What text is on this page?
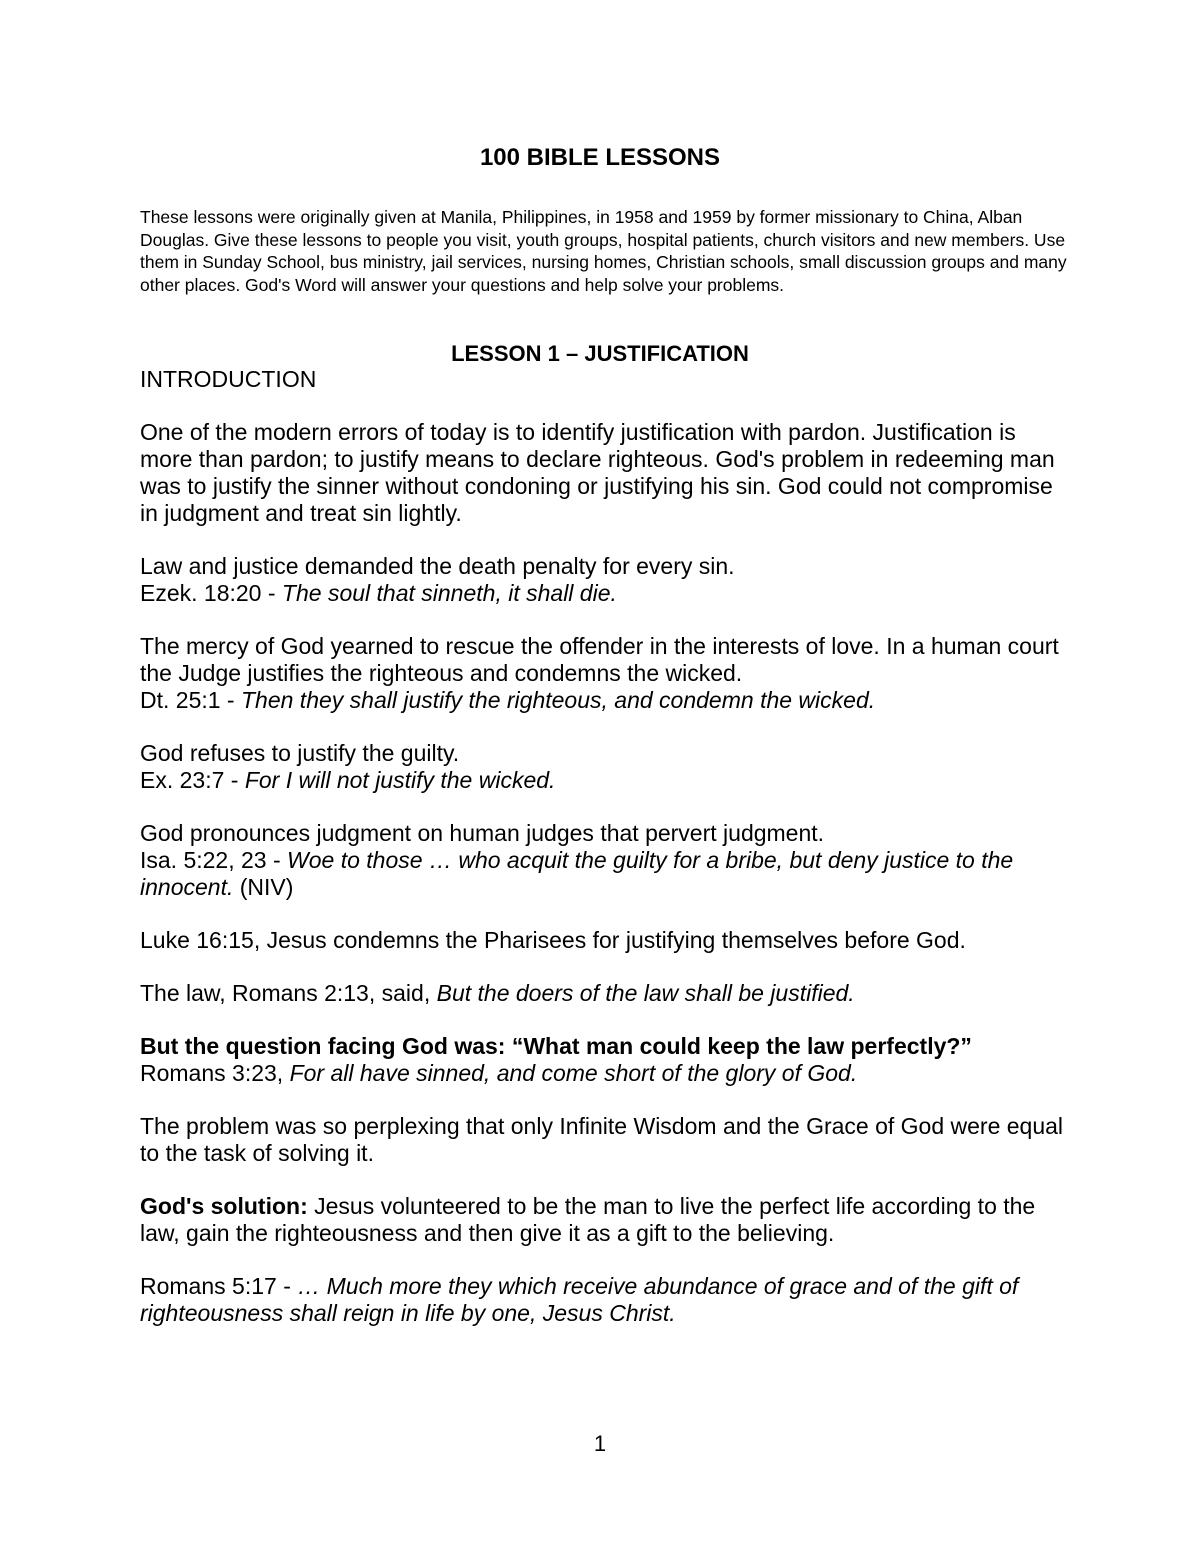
100 BIBLE LESSONS
These lessons were originally given at Manila, Philippines, in 1958 and 1959 by former missionary to China, Alban Douglas. Give these lessons to people you visit, youth groups, hospital patients, church visitors and new members. Use them in Sunday School, bus ministry, jail services, nursing homes, Christian schools, small discussion groups and many other places. God's Word will answer your questions and help solve your problems.
LESSON 1 – JUSTIFICATION

INTRODUCTION

One of the modern errors of today is to identify justification with pardon. Justification is more than pardon; to justify means to declare righteous. God's problem in redeeming man was to justify the sinner without condoning or justifying his sin. God could not compromise in judgment and treat sin lightly.

Law and justice demanded the death penalty for every sin.
Ezek. 18:20 - The soul that sinneth, it shall die.

The mercy of God yearned to rescue the offender in the interests of love. In a human court the Judge justifies the righteous and condemns the wicked.
Dt. 25:1 - Then they shall justify the righteous, and condemn the wicked.

God refuses to justify the guilty.
Ex. 23:7 - For I will not justify the wicked.

God pronounces judgment on human judges that pervert judgment.
Isa. 5:22, 23 - Woe to those … who acquit the guilty for a bribe, but deny justice to the innocent. (NIV)

Luke 16:15, Jesus condemns the Pharisees for justifying themselves before God.

The law, Romans 2:13, said, But the doers of the law shall be justified.

But the question facing God was: “What man could keep the law perfectly?”
Romans 3:23, For all have sinned, and come short of the glory of God.

The problem was so perplexing that only Infinite Wisdom and the Grace of God were equal to the task of solving it.

God's solution: Jesus volunteered to be the man to live the perfect life according to the law, gain the righteousness and then give it as a gift to the believing.

Romans 5:17 - … Much more they which receive abundance of grace and of the gift of righteousness shall reign in life by one, Jesus Christ.

1
